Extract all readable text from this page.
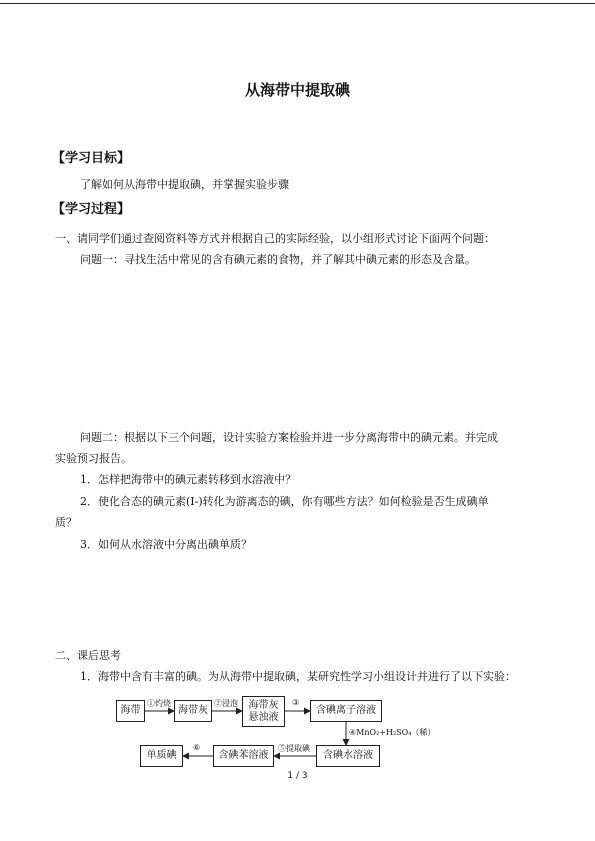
从海带中提取碘
【学习目标】
了解如何从海带中提取碘，并掌握实验步骤
【学习过程】
一、请同学们通过查阅资料等方式并根据自己的实际经验，以小组形式讨论下面两个问题：
问题一：寻找生活中常见的含有碘元素的食物，并了解其中碘元素的形态及含量。
问题二：根据以下三个问题，设计实验方案检验并进一步分离海带中的碘元素。并完成
实验预习报告。
1．怎样把海带中的碘元素转移到水溶液中？
2．使化合态的碘元素(I-)转化为游离态的碘，你有哪些方法？如何检验是否生成碘单
质？
3．如何从水溶液中分离出碘单质？
二、课后思考
1．海带中含有丰富的碘。为从海带中提取碘，某研究性学习小组设计并进行了以下实验：
海带	海带灰	海带灰
悬浊液
含碘离子溶液
含碘水溶液
含碘苯溶液
单质碘
①灼烧	②浸泡	③
④MnO₂+H₂SO₄（稀）
⑤提取碘
⑥
1 / 3
